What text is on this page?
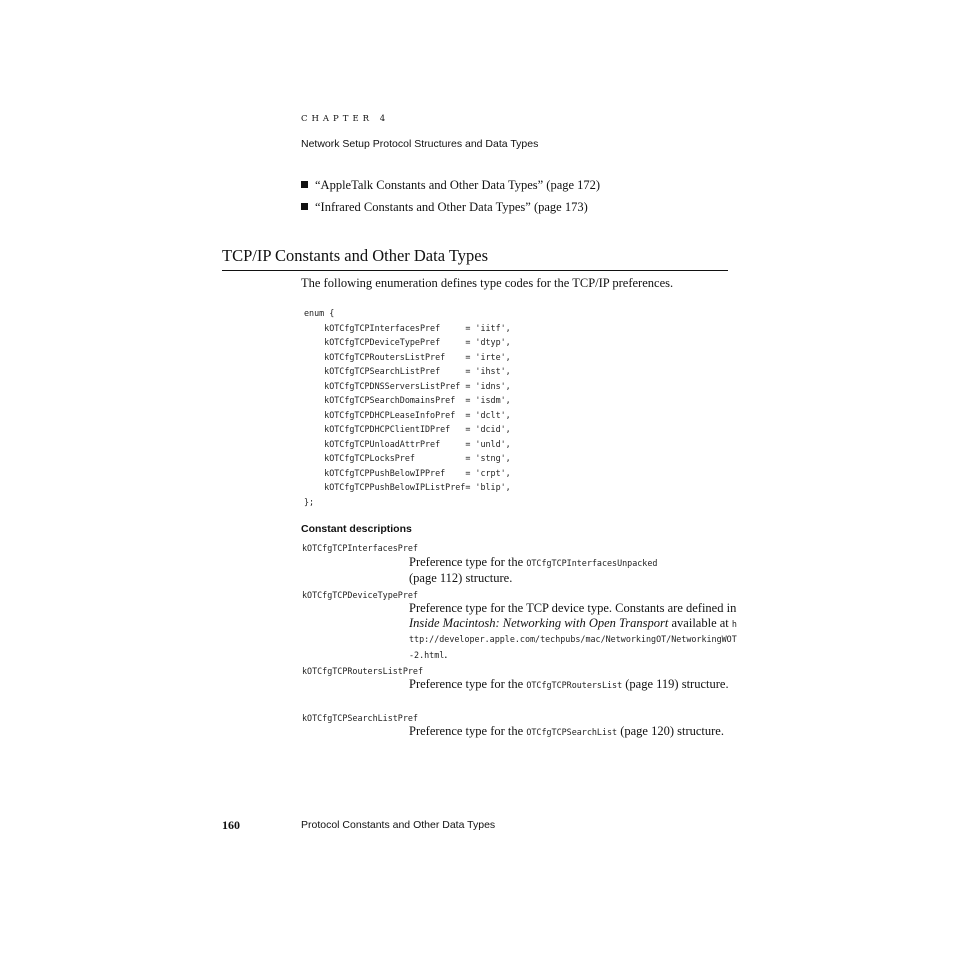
CHAPTER 4
Network Setup Protocol Structures and Data Types
“AppleTalk Constants and Other Data Types” (page 172)
“Infrared Constants and Other Data Types” (page 173)
TCP/IP Constants and Other Data Types
The following enumeration defines type codes for the TCP/IP preferences.
enum {
kOTCfgTCPInterfacesPref     = 'iitf',
kOTCfgTCPDeviceTypePref     = 'dtyp',
kOTCfgTCPRoutersListPref    = 'irte',
kOTCfgTCPSearchListPref     = 'ihst',
kOTCfgTCPDNSServersListPref = 'idns',
kOTCfgTCPSearchDomainsPref  = 'isdm',
kOTCfgTCPDHCPLeaseInfoPref  = 'dclt',
kOTCfgTCPDHCPClientIDPref   = 'dcid',
kOTCfgTCPUnloadAttrPref     = 'unld',
kOTCfgTCPLocksPref          = 'stng',
kOTCfgTCPPushBelowIPPref    = 'crpt',
kOTCfgTCPPushBelowIPListPref= 'blip',
};
Constant descriptions
kOTCfgTCPInterfacesPref
Preference type for the OTCfgTCPInterfacesUnpacked
(page 112) structure.
kOTCfgTCPDeviceTypePref
Preference type for the TCP device type. Constants are defined in Inside Macintosh: Networking with Open Transport available at http://developer.apple.com/techpubs/mac/NetworkingOT/NetworkingWOT-2.html.
kOTCfgTCPRoutersListPref
Preference type for the OTCfgTCPRoutersList (page 119) structure.
kOTCfgTCPSearchListPref
Preference type for the OTCfgTCPSearchList (page 120) structure.
160	Protocol Constants and Other Data Types
